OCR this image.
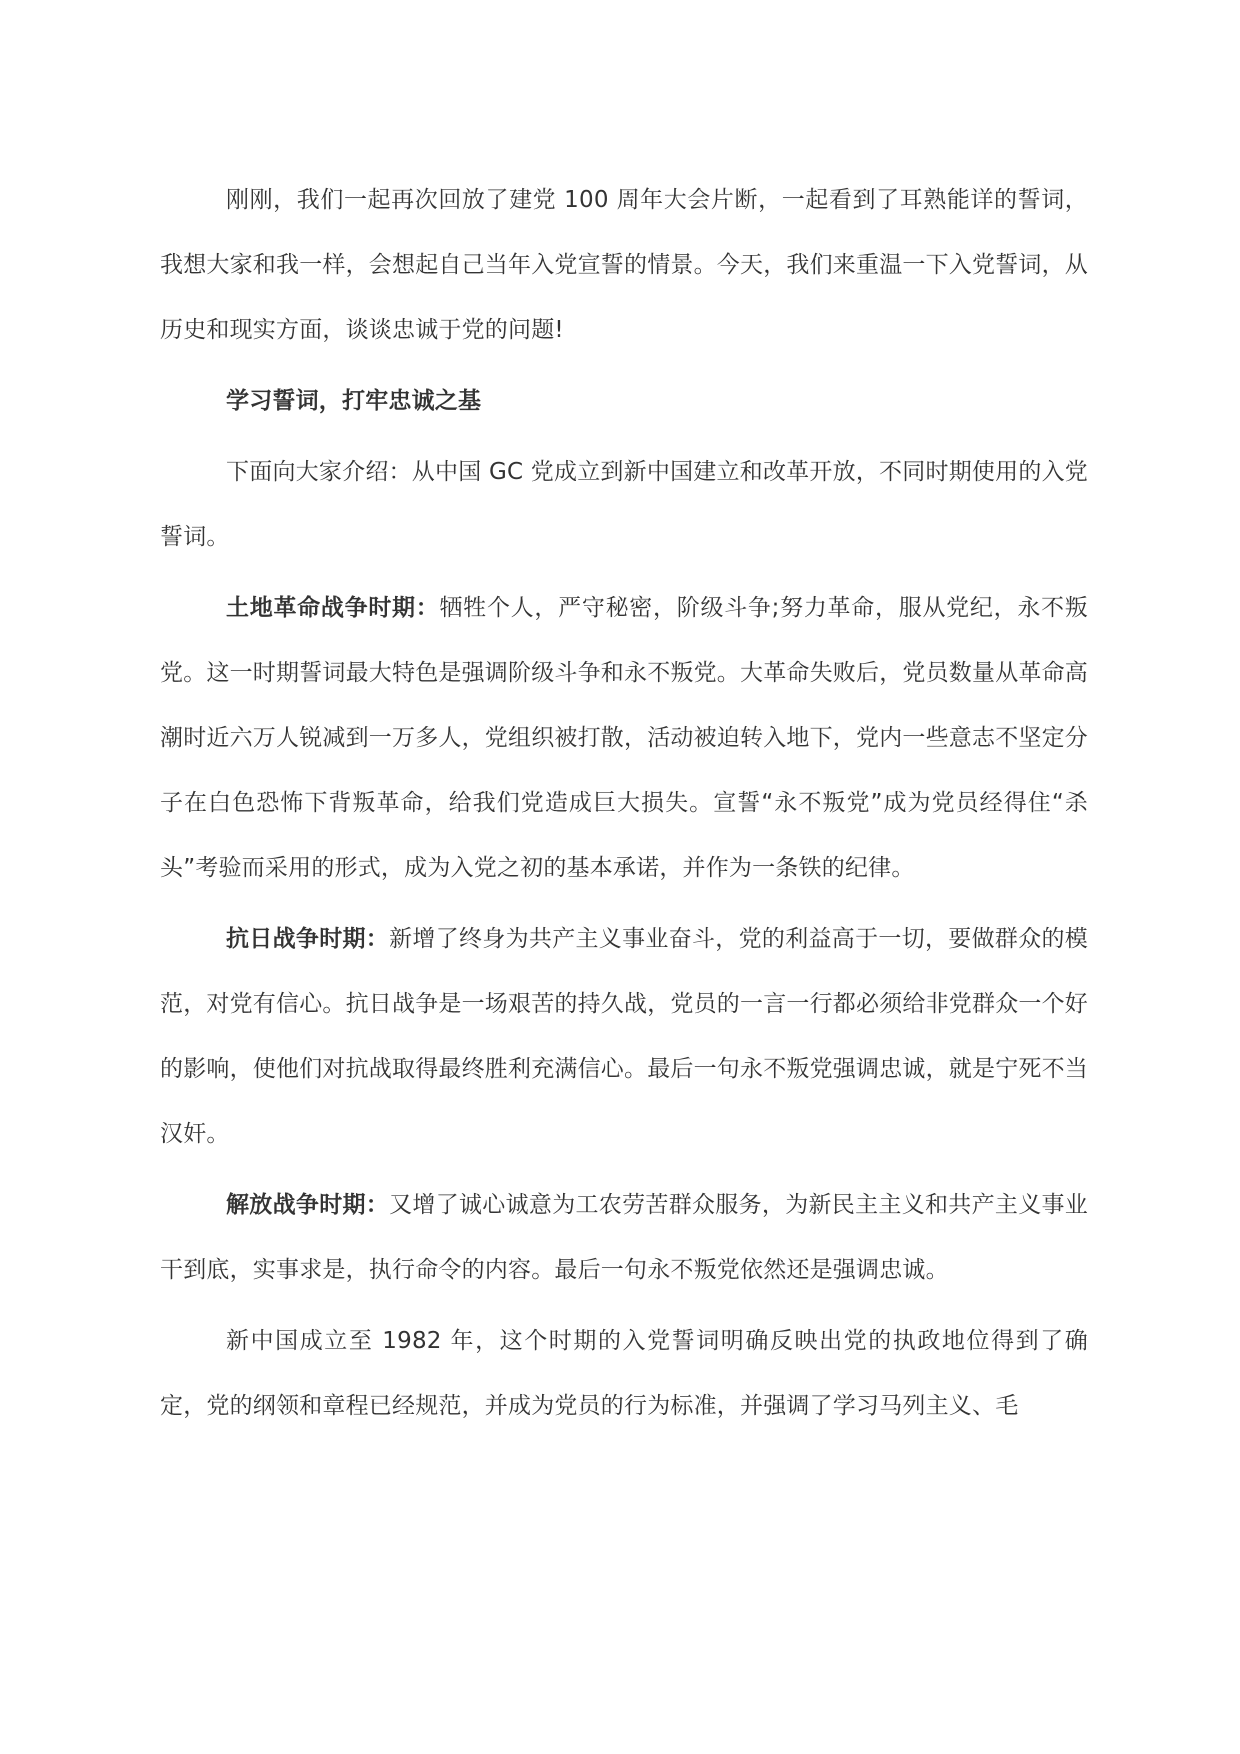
刚刚，我们一起再次回放了建党 100 周年大会片断，一起看到了耳熟能详的誓词，我想大家和我一样，会想起自己当年入党宣誓的情景。今天，我们来重温一下入党誓词，从历史和现实方面，谈谈忠诚于党的问题!

学习誓词，打牢忠诚之基

下面向大家介绍：从中国 GC 党成立到新中国建立和改革开放，不同时期使用的入党誓词。

土地革命战争时期：牺牲个人，严守秘密，阶级斗争;努力革命，服从党纪，永不叛党。这一时期誓词最大特色是强调阶级斗争和永不叛党。大革命失败后，党员数量从革命高潮时近六万人锐减到一万多人，党组织被打散，活动被迫转入地下，党内一些意志不坚定分子在白色恐怖下背叛革命，给我们党造成巨大损失。宣誓“永不叛党”成为党员经得住“杀头”考验而采用的形式，成为入党之初的基本承诺，并作为一条铁的纪律。

抗日战争时期：新增了终身为共产主义事业奋斗，党的利益高于一切，要做群众的模范，对党有信心。抗日战争是一场艰苦的持久战，党员的一言一行都必须给非党群众一个好的影响，使他们对抗战取得最终胜利充满信心。最后一句永不叛党强调忠诚，就是宁死不当汉奸。

解放战争时期：又增了诚心诚意为工农劳苦群众服务，为新民主主义和共产主义事业干到底，实事求是，执行命令的内容。最后一句永不叛党依然还是强调忠诚。

新中国成立至 1982 年，这个时期的入党誓词明确反映出党的执政地位得到了确定，党的纲领和章程已经规范，并成为党员的行为标准，并强调了学习马列主义、毛
